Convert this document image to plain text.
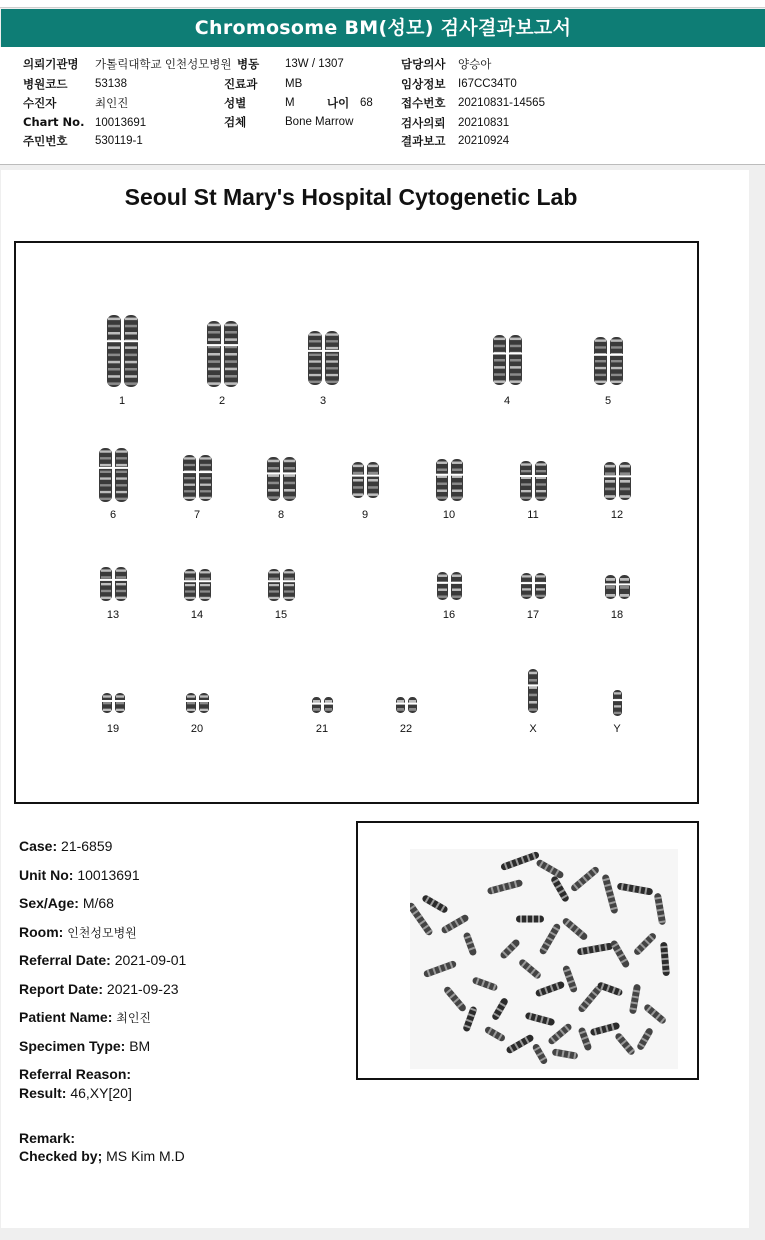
Chromosome BM(성모) 검사결과보고서
의뢰기관명 가톨릭대학교 인천성모병원
병원코드 53138
수진자	최인진
Chart No. 10013691
주민번호 530119-1
병동 13W / 1307
진료과 MB
성별	M	나이 68
검체	Bone Marrow
담당의사 양승아
임상정보 I67CC34T0
접수번호 20210831-14565
검사의뢰 20210831
결과보고 20210924
Seoul St Mary's Hospital Cytogenetic Lab
1	2	3	4	5
6	7	8	9	10	11	12
13	14	15	16	17	18
19	20	21	22	X	Y
Case: 21-6859
Unit No: 10013691
Sex/Age: M/68
Room: 인천성모병원
Referral Date: 2021-09-01
Report Date: 2021-09-23
Patient Name: 최인진
Specimen Type: BM
Referral Reason:
Result: 46,XY[20]
Remark:
Checked by; MS Kim M.D
